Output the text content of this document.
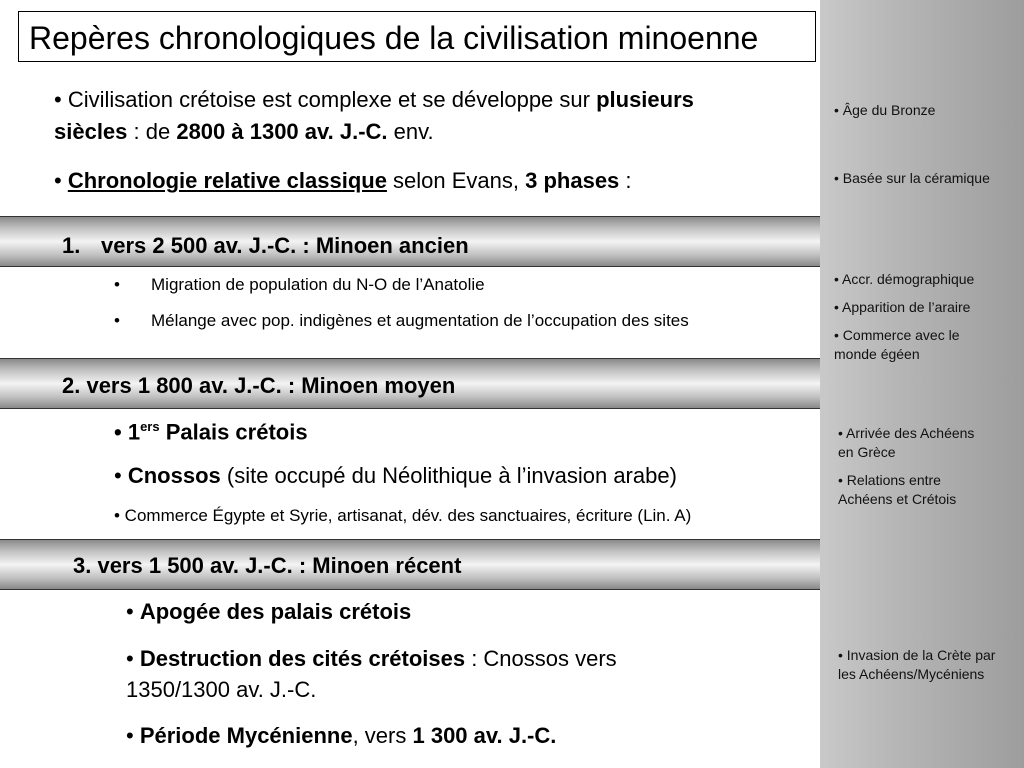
• Âge du Bronze
• Basée sur la céramique
• Accr. démographique
• Apparition de l’araire
• Commerce avec le
monde égéen
• Arrivée des Achéens
en Grèce
• Relations entre
Achéens et Crétois
• Invasion de la Crète par
les Achéens/Mycéniens
Repères chronologiques de la civilisation minoenne
• Civilisation crétoise est complexe et se développe sur plusieurs
siècles : de 2800 à 1300 av. J.-C. env.
• Chronologie relative classique selon Evans, 3 phases :
1. vers 2 500 av. J.-C. : Minoen ancien
• Migration de population du N-O de l’Anatolie
• Mélange avec pop. indigènes et augmentation de l’occupation des sites
2. vers 1 800 av. J.-C. : Minoen moyen
• 1ers Palais crétois
• Cnossos (site occupé du Néolithique à l’invasion arabe)
• Commerce Égypte et Syrie, artisanat, dév. des sanctuaires, écriture (Lin. A)
3. vers 1 500 av. J.-C. : Minoen récent
• Apogée des palais crétois
• Destruction des cités crétoises : Cnossos vers
1350/1300 av. J.-C.
• Période Mycénienne, vers 1 300 av. J.-C.
